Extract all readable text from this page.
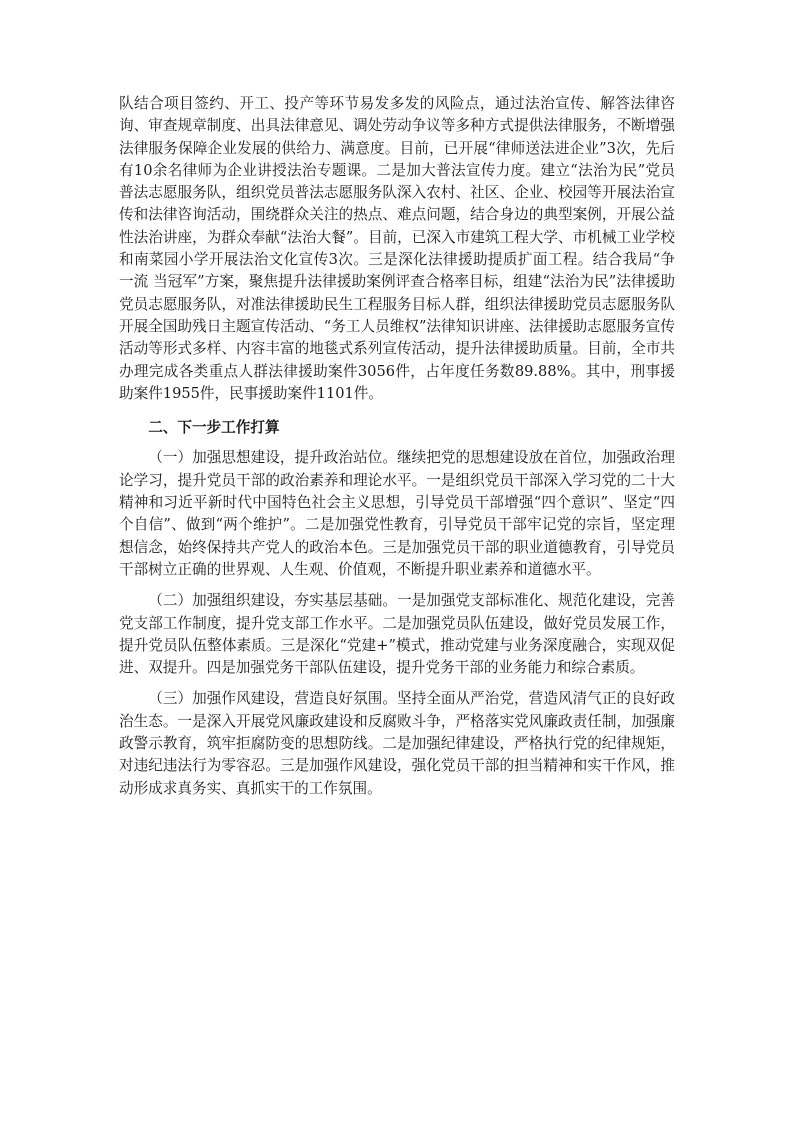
队结合项目签约、开工、投产等环节易发多发的风险点，通过法治宣传、解答法律咨询、审查规章制度、出具法律意见、调处劳动争议等多种方式提供法律服务，不断增强法律服务保障企业发展的供给力、满意度。目前，已开展“律师送法进企业”3次，先后有10余名律师为企业讲授法治专题课。二是加大普法宣传力度。建立“法治为民”党员普法志愿服务队，组织党员普法志愿服务队深入农村、社区、企业、校园等开展法治宣传和法律咨询活动，围绕群众关注的热点、难点问题，结合身边的典型案例，开展公益性法治讲座，为群众奉献“法治大餐”。目前，已深入市建筑工程大学、市机械工业学校和南菜园小学开展法治文化宣传3次。三是深化法律援助提质扩面工程。结合我局“争一流 当冠军”方案，聚焦提升法律援助案例评查合格率目标，组建“法治为民”法律援助党员志愿服务队，对准法律援助民生工程服务目标人群，组织法律援助党员志愿服务队开展全国助残日主题宣传活动、“务工人员维权”法律知识讲座、法律援助志愿服务宣传活动等形式多样、内容丰富的地毯式系列宣传活动，提升法律援助质量。目前，全市共办理完成各类重点人群法律援助案件3056件，占年度任务数89.88%。其中，刑事援助案件1955件，民事援助案件1101件。

二、下一步工作打算

（一）加强思想建设，提升政治站位。继续把党的思想建设放在首位，加强政治理论学习，提升党员干部的政治素养和理论水平。一是组织党员干部深入学习党的二十大精神和习近平新时代中国特色社会主义思想，引导党员干部增强“四个意识”、坚定“四个自信”、做到“两个维护”。二是加强党性教育，引导党员干部牢记党的宗旨，坚定理想信念，始终保持共产党人的政治本色。三是加强党员干部的职业道德教育，引导党员干部树立正确的世界观、人生观、价值观，不断提升职业素养和道德水平。

（二）加强组织建设，夯实基层基础。一是加强党支部标准化、规范化建设，完善党支部工作制度，提升党支部工作水平。二是加强党员队伍建设，做好党员发展工作，提升党员队伍整体素质。三是深化“党建+”模式，推动党建与业务深度融合，实现双促进、双提升。四是加强党务干部队伍建设，提升党务干部的业务能力和综合素质。

（三）加强作风建设，营造良好氛围。坚持全面从严治党，营造风清气正的良好政治生态。一是深入开展党风廉政建设和反腐败斗争，严格落实党风廉政责任制，加强廉政警示教育，筑牢拒腐防变的思想防线。二是加强纪律建设，严格执行党的纪律规矩，对违纪违法行为零容忍。三是加强作风建设，强化党员干部的担当精神和实干作风，推动形成求真务实、真抓实干的工作氛围。
